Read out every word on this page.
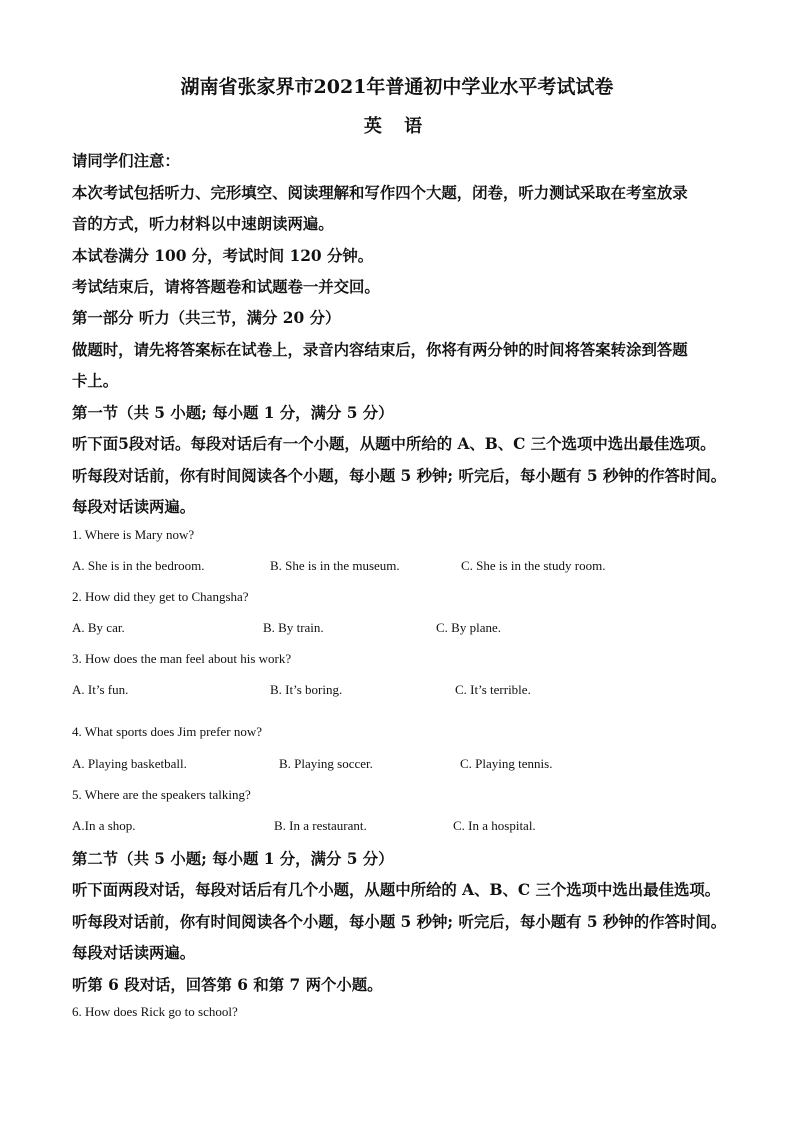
湖南省张家界市2021年普通初中学业水平考试试卷
英 语
请同学们注意：
本次考试包括听力、完形填空、阅读理解和写作四个大题，闭卷，听力测试采取在考室放录
音的方式，听力材料以中速朗读两遍。
本试卷满分 100 分，考试时间 120 分钟。
考试结束后，请将答题卷和试题卷一并交回。
第一部分 听力（共三节，满分 20 分）
做题时，请先将答案标在试卷上，录音内容结束后，你将有两分钟的时间将答案转涂到答题
卡上。
第一节（共 5 小题; 每小题 1 分，满分 5 分）
听下面5段对话。每段对话后有一个小题，从题中所给的 A、B、C 三个选项中选出最佳选项。
听每段对话前，你有时间阅读各个小题，每小题 5 秒钟; 听完后，每小题有 5 秒钟的作答时间。
每段对话读两遍。
1. Where is Mary now?
A. She is in the bedroom.	B. She is in the museum.	C. She is in the study room.
2. How did they get to Changsha?
A. By car.	B. By train.	C. By plane.
3. How does the man feel about his work?
A. It’s fun.	B. It’s boring.	C. It’s terrible.
4. What sports does Jim prefer now?
A. Playing basketball.	B. Playing soccer.	C. Playing tennis.
5. Where are the speakers talking?
A.In a shop.	B. In a restaurant.	C. In a hospital.
第二节（共 5 小题; 每小题 1 分，满分 5 分）
听下面两段对话，每段对话后有几个小题，从题中所给的 A、B、C 三个选项中选出最佳选项。
听每段对话前，你有时间阅读各个小题，每小题 5 秒钟; 听完后，每小题有 5 秒钟的作答时间。
每段对话读两遍。
听第 6 段对话，回答第 6 和第 7 两个小题。
6. How does Rick go to school?
